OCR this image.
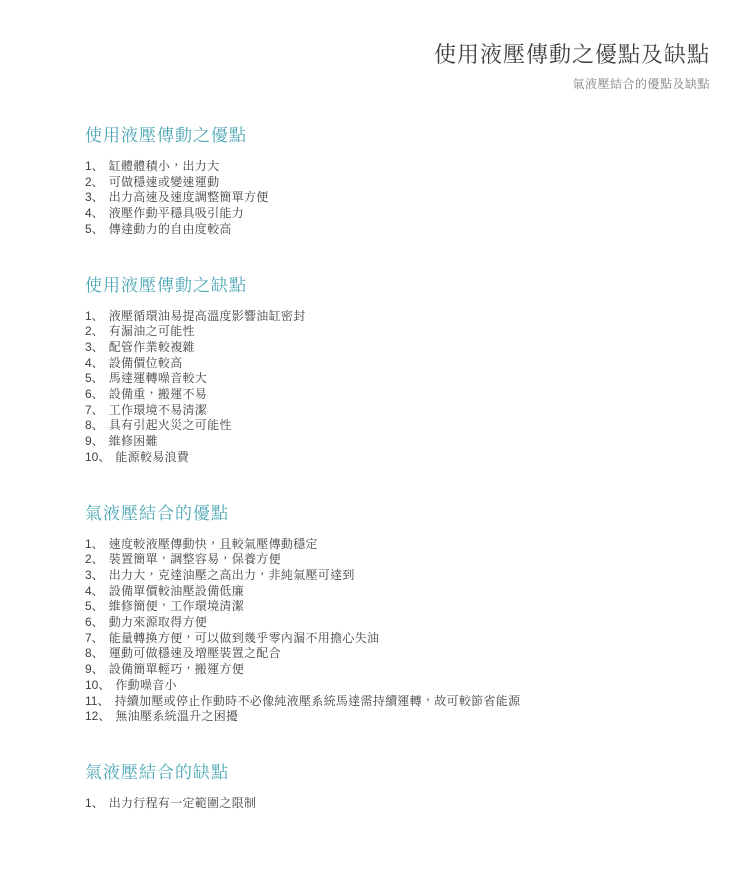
使用液壓傳動之優點及缺點
氣液壓結合的優點及缺點
使用液壓傳動之優點
1、 缸體體積小，出力大
2、 可做穩速或變速運動
3、 出力高速及速度調整簡單方便
4、 液壓作動平穩具吸引能力
5、 傳達動力的自由度較高
使用液壓傳動之缺點
1、 液壓循環油易提高溫度影響油缸密封
2、 有漏油之可能性
3、 配管作業較複雜
4、 設備價位較高
5、 馬達運轉噪音較大
6、 設備重，搬運不易
7、 工作環境不易清潔
8、 具有引起火災之可能性
9、 維修困難
10、 能源較易浪費
氣液壓結合的優點
1、 速度較液壓傳動快，且較氣壓傳動穩定
2、 裝置簡單，調整容易，保養方便
3、 出力大，克達油壓之高出力，非純氣壓可達到
4、 設備單價較油壓設備低廉
5、 維修簡便，工作環境清潔
6、 動力來源取得方便
7、 能量轉換方便，可以做到幾乎零內漏不用擔心失油
8、 運動可做穩速及增壓裝置之配合
9、 設備簡單輕巧，搬運方便
10、 作動噪音小
11、 持續加壓或停止作動時不必像純液壓系統馬達需持續運轉，故可較節省能源
12、 無油壓系統溫升之困擾
氣液壓結合的缺點
1、 出力行程有一定範圍之限制
